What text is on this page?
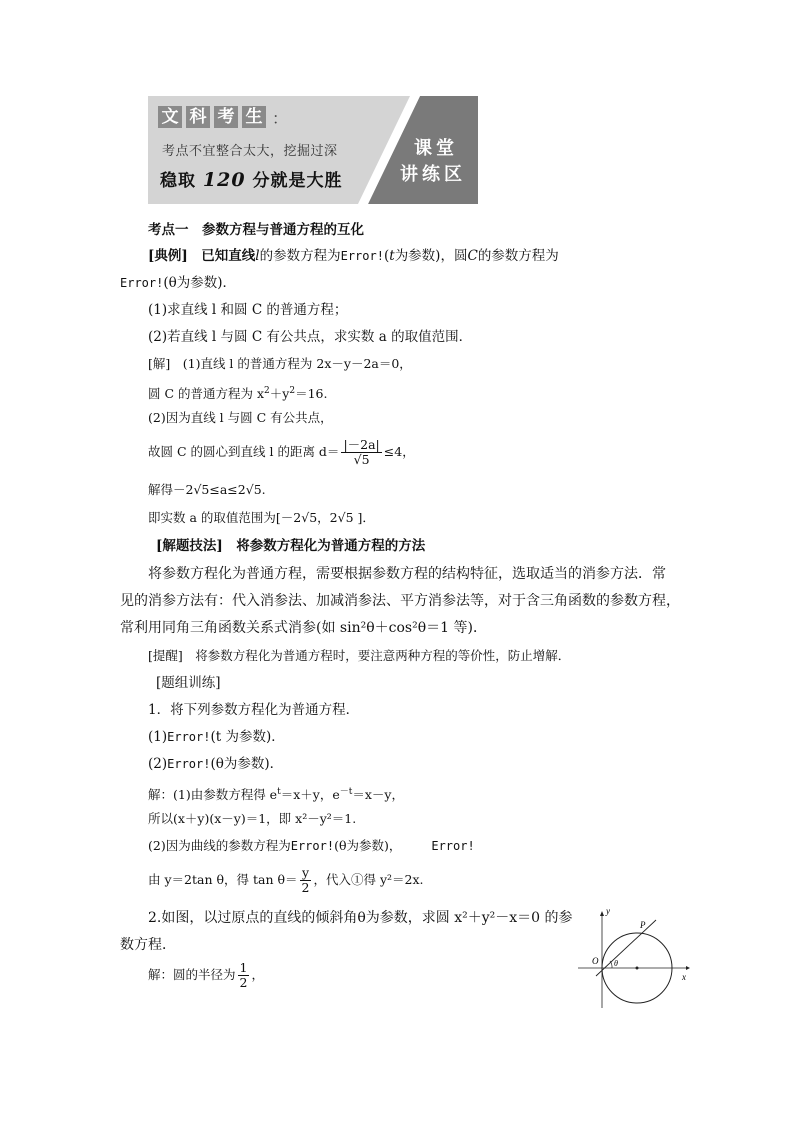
文 科 考 生 ：
考点不宜整合太大，挖掘过深
稳取 120 分就是大胜
课堂
讲练区
考点一　参数方程与普通方程的互化
[典例]　已知直线l的参数方程为Error!(t为参数)，圆C的参数方程为
Error!(θ为参数)．
(1)求直线 l 和圆 C 的普通方程；
(2)若直线 l 与圆 C 有公共点，求实数 a 的取值范围．
[解]　(1)直线 l 的普通方程为 2x－y－2a＝0，
圆 C 的普通方程为 $x^2+y^2=16$.
(2)因为直线 l 与圆 C 有公共点，
故圆 C 的圆心到直线 l 的距离 $d= \frac{|-2a|}{√5} \le 4$，
解得－2√5≤a≤2√5.
即实数 a 的取值范围为[－2√5，2√5 ]．
[解题技法]　将参数方程化为普通方程的方法
将参数方程化为普通方程，需要根据参数方程的结构特征，选取适当的消参方法．常
见的消参方法有：代入消参法、加减消参法、平方消参法等，对于含三角函数的参数方程，
常利用同角三角函数关系式消参(如 sin²θ＋cos²θ＝1 等)．
[提醒]　将参数方程化为普通方程时，要注意两种方程的等价性，防止增解．
[题组训练]
1．将下列参数方程化为普通方程．
(1)Error!(t 为参数)．
(2)Error!(θ为参数)．
解：(1)由参数方程得 $e^t=x+y$，$e^{-t}=x-y$，
所以(x＋y)(x－y)＝1，即 x²－y²＝1.
(2)因为曲线的参数方程为Error!(θ为参数)，	Error!
由 y＝2tan θ，得 $\tan \theta= \frac{y}{2}$ ，代入①得 y²＝2x.
2.如图，以过原点的直线的倾斜角θ为参数，求圆 x²＋y²－x＝0 的参
数方程．
解：圆的半径为 $\frac{1}{2}$ ，
y
x
P
O θ
